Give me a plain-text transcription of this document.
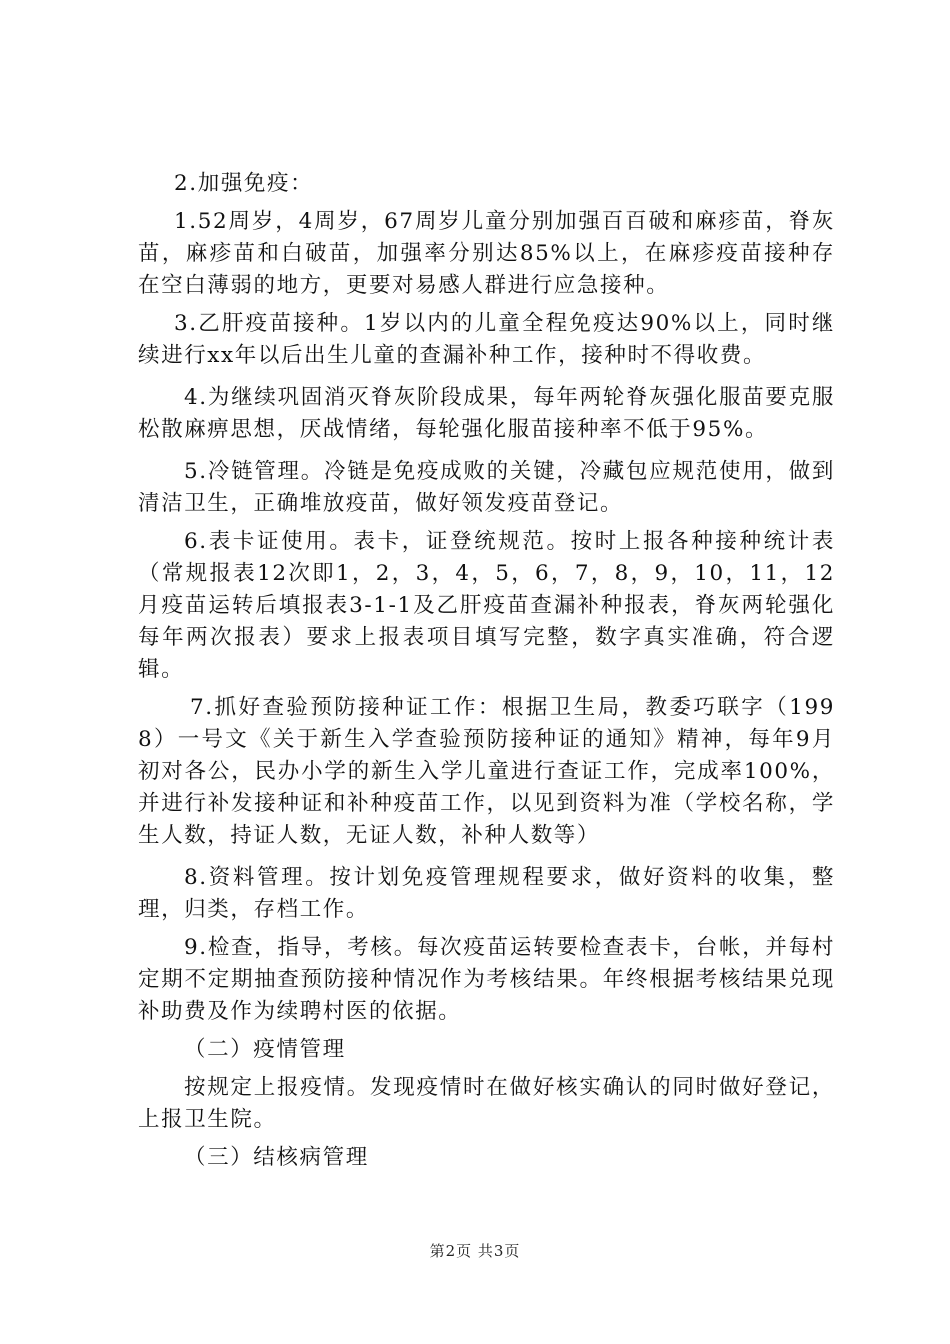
2.加强免疫：

1.52周岁，4周岁，67周岁儿童分别加强百百破和麻疹苗，脊灰苗，麻疹苗和白破苗，加强率分别达85%以上，在麻疹疫苗接种存在空白薄弱的地方，更要对易感人群进行应急接种。

3.乙肝疫苗接种。1岁以内的儿童全程免疫达90%以上，同时继续进行xx年以后出生儿童的查漏补种工作，接种时不得收费。

4.为继续巩固消灭脊灰阶段成果，每年两轮脊灰强化服苗要克服松散麻痹思想，厌战情绪，每轮强化服苗接种率不低于95%。

5.冷链管理。冷链是免疫成败的关键，冷藏包应规范使用，做到清洁卫生，正确堆放疫苗，做好领发疫苗登记。

6.表卡证使用。表卡，证登统规范。按时上报各种接种统计表（常规报表12次即1，2，3，4，5，6，7，8，9，10，11，12月疫苗运转后填报表3-1-1及乙肝疫苗查漏补种报表，脊灰两轮强化每年两次报表）要求上报表项目填写完整，数字真实准确，符合逻辑。

7.抓好查验预防接种证工作：根据卫生局，教委巧联字（1998）一号文《关于新生入学查验预防接种证的通知》精神，每年9月初对各公，民办小学的新生入学儿童进行查证工作，完成率100%，并进行补发接种证和补种疫苗工作，以见到资料为准（学校名称，学生人数，持证人数，无证人数，补种人数等）

8.资料管理。按计划免疫管理规程要求，做好资料的收集，整理，归类，存档工作。

9.检查，指导，考核。每次疫苗运转要检查表卡，台帐，并每村定期不定期抽查预防接种情况作为考核结果。年终根据考核结果兑现补助费及作为续聘村医的依据。

（二）疫情管理

按规定上报疫情。发现疫情时在做好核实确认的同时做好登记，上报卫生院。

（三）结核病管理

第2页 共3页
